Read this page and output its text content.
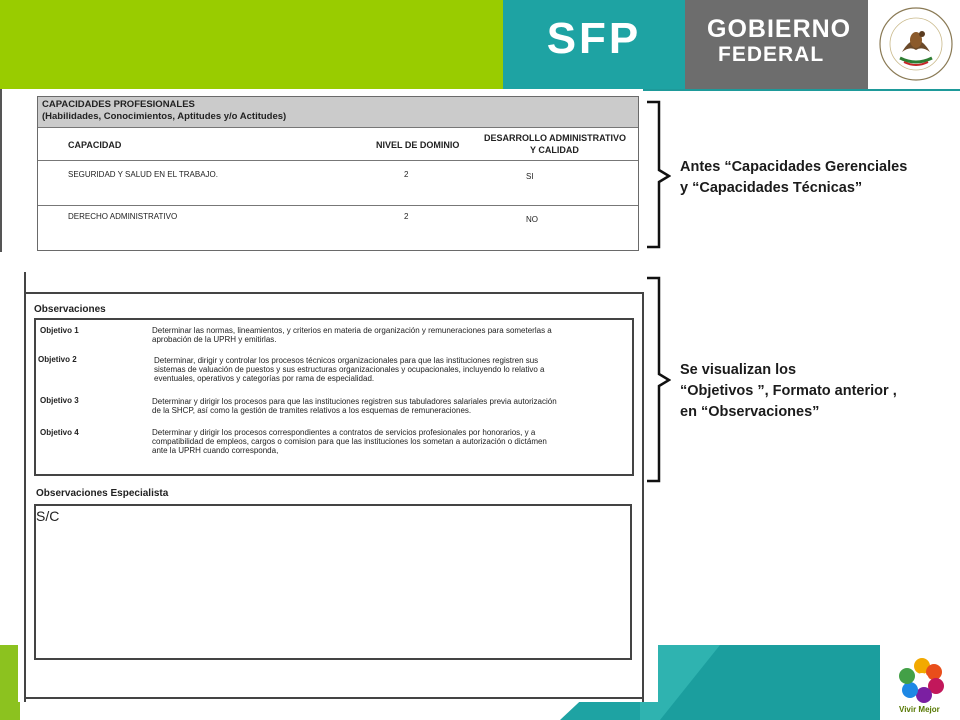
SFP	GOBIERNO
FEDERAL
Vivir Mejor
CAPACIDADES PROFESIONALES
(Habilidades, Conocimientos, Aptitudes y/o Actitudes)
CAPACIDAD	NIVEL DE DOMINIO
DESARROLLO ADMINISTRATIVO
Y CALIDAD
SEGURIDAD Y SALUD EN EL TRABAJO.	2	SI
DERECHO ADMINISTRATIVO	2	NO
Observaciones
Objetivo 1	Determinar las normas, lineamientos, y criterios en materia de organización y remuneraciones para someterlas a
aprobación de la UPRH y emitirlas.
Objetivo 2	Determinar, dirigir y controlar los procesos técnicos organizacionales para que las instituciones registren sus
sistemas de valuación de puestos y sus estructuras organizacionales y ocupacionales, incluyendo lo relativo a
eventuales, operativos y categorías por rama de especialidad.
Objetivo 3	Determinar y dirigir los procesos para que las instituciones registren sus tabuladores salariales previa autorización
de la SHCP, así como la gestión de tramites relativos a los esquemas de remuneraciones.
Objetivo 4	Determinar y dirigir los procesos correspondientes a contratos de servicios profesionales por honorarios, y a
compatibilidad de empleos, cargos o comision para que las instituciones los sometan a autorización o dictámen
ante la UPRH cuando corresponda,
Observaciones Especialista
S/C
Antes “Capacidades Gerenciales
y “Capacidades Técnicas”
Se visualizan los
“Objetivos ”, Formato anterior ,
en “Observaciones”
